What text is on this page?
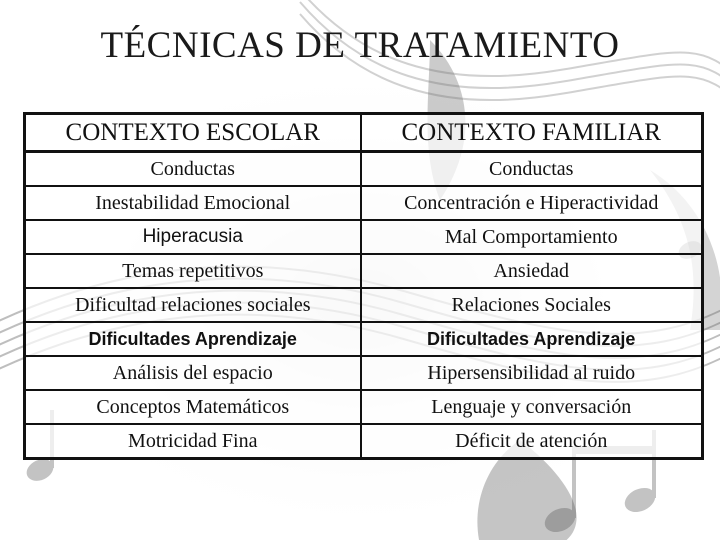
TÉCNICAS DE TRATAMIENTO
CONTEXTO ESCOLAR	CONTEXTO FAMILIAR
Conductas	Conductas
Inestabilidad Emocional	Concentración e Hiperactividad
Hiperacusia	Mal Comportamiento
Temas repetitivos	Ansiedad
Dificultad relaciones sociales	Relaciones Sociales
Dificultades Aprendizaje	Dificultades Aprendizaje
Análisis del espacio	Hipersensibilidad al ruido
Conceptos Matemáticos	Lenguaje y conversación
Motricidad Fina	Déficit de atención
